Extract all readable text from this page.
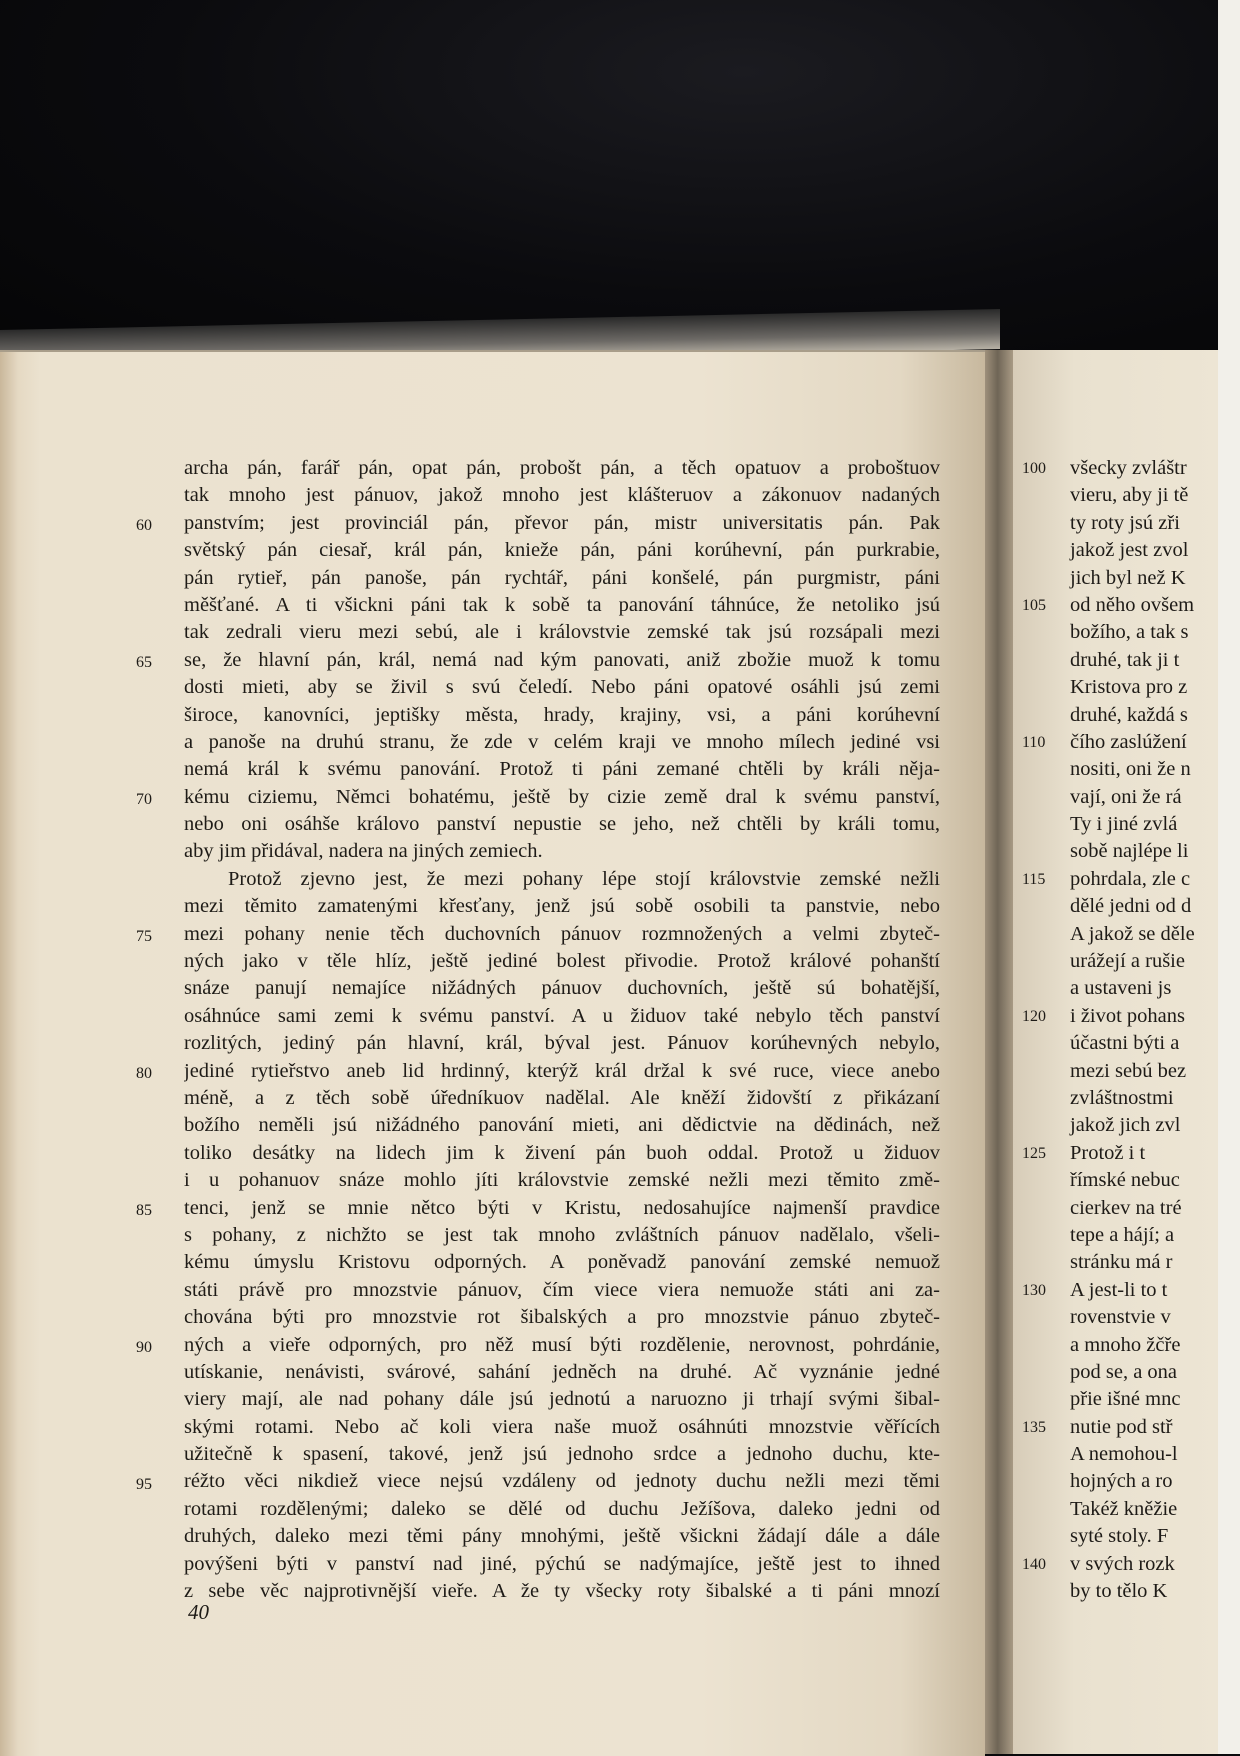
60
65
70
75
80
85
90
95
archa pán, farář pán, opat pán, probošt pán, a těch opatuov a proboštuov
tak mnoho jest pánuov, jakož mnoho jest klášteruov a zákonuov nadaných
panstvím; jest provinciál pán, převor pán, mistr universitatis pán. Pak
světský pán ciesař, král pán, knieže pán, páni korúhevní, pán purkrabie,
pán rytieř, pán panoše, pán rychtář, páni konšelé, pán purgmistr, páni
měšťané. A ti všickni páni tak k sobě ta panování táhnúce, že netoliko jsú
tak zedrali vieru mezi sebú, ale i královstvie zemské tak jsú rozsápali mezi
se, že hlavní pán, král, nemá nad kým panovati, aniž zbožie muož k tomu
dosti mieti, aby se živil s svú čeledí. Nebo páni opatové osáhli jsú zemi
široce, kanovníci, jeptišky města, hrady, krajiny, vsi, a páni korúhevní
a panoše na druhú stranu, že zde v celém kraji ve mnoho mílech jediné vsi
nemá král k svému panování. Protož ti páni zemané chtěli by králi něja-
kému ciziemu, Němci bohatému, ještě by cizie země dral k svému panství,
nebo oni osáhše královo panství nepustie se jeho, než chtěli by králi tomu,
aby jim přidával, nadera na jiných zemiech.
Protož zjevno jest, že mezi pohany lépe stojí královstvie zemské nežli
mezi těmito zamatenými křesťany, jenž jsú sobě osobili ta panstvie, nebo
mezi pohany nenie těch duchovních pánuov rozmnožených a velmi zbyteč-
ných jako v těle hlíz, ještě jediné bolest přivodie. Protož králové pohanští
snáze panují nemajíce nižádných pánuov duchovních, ještě sú bohatější,
osáhnúce sami zemi k svému panství. A u židuov také nebylo těch panství
rozlitých, jediný pán hlavní, král, býval jest. Pánuov korúhevných nebylo,
jediné rytieřstvo aneb lid hrdinný, kterýž král držal k své ruce, viece anebo
méně, a z těch sobě úředníkuov nadělal. Ale kněží židovští z přikázaní
božího neměli jsú nižádného panování mieti, ani dědictvie na dědinách, než
toliko desátky na lidech jim k živení pán buoh oddal. Protož u židuov
i u pohanuov snáze mohlo jíti královstvie zemské nežli mezi těmito změ-
tenci, jenž se mnie nětco býti v Kristu, nedosahujíce najmenší pravdice
s pohany, z nichžto se jest tak mnoho zvláštních pánuov nadělalo, všeli-
kému úmyslu Kristovu odporných. A poněvadž panování zemské nemuož
státi právě pro mnozstvie pánuov, čím viece viera nemuože státi ani za-
chována býti pro mnozstvie rot šibalských a pro mnozstvie pánuo zbyteč-
ných a vieře odporných, pro něž musí býti rozdělenie, nerovnost, pohrdánie,
utískanie, nenávisti, svárové, sahání jedněch na druhé. Ač vyznánie jedné
viery mají, ale nad pohany dále jsú jednotú a naruozno ji trhají svými šibal-
skými rotami. Nebo ač koli viera naše muož osáhnúti mnozstvie věřících
užitečně k spasení, takové, jenž jsú jednoho srdce a jednoho duchu, kte-
réžto věci nikdiež viece nejsú vzdáleny od jednoty duchu nežli mezi těmi
rotami rozdělenými; daleko se dělé od duchu Ježíšova, daleko jedni od
druhých, daleko mezi těmi pány mnohými, ještě všickni žádají dále a dále
povýšeni býti v panství nad jiné, pýchú se nadýmajíce, ještě jest to ihned
z sebe věc najprotivnější vieře. A že ty všecky roty šibalské a ti páni mnozí
40
100	všecky zvláštr
vieru, aby ji tě
ty roty jsú zři
jakož jest zvol
jich byl než K
105	od něho ovšem
božího, a tak s
druhé, tak ji t
Kristova pro z
druhé, každá s
110	čího zaslúžení
nositi, oni že n
vají, oni že rá
Ty i jiné zvlá
sobě najlépe li
115	pohrdala, zle c
dělé jedni od d
A jakož se děle
urážejí a rušie
a ustaveni js
120	i život pohans
účastni býti a
mezi sebú bez
zvláštnostmi
jakož jich zvl
125	Protož i t
římské nebuc
cierkev na tré
tepe a hájí; a
stránku má r
130	A jest-li to t
rovenstvie v
a mnoho žčře
pod se, a ona
přie išné mnc
135	nutie pod stř
A nemohou-l
hojných a ro
Takéž kněžie
syté stoly. F
140	v svých rozk
by to tělo K
